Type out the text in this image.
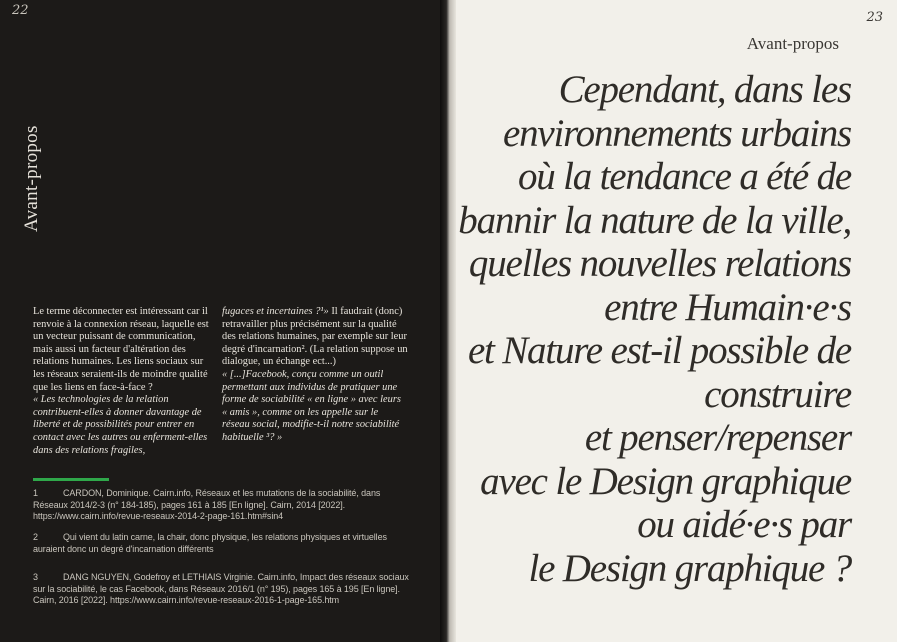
22
Avant-propos

Le terme déconnecter est intéressant car il renvoie à la connexion réseau, laquelle est un vecteur puissant de communication, mais aussi un facteur d'altération des relations humaines. Les liens sociaux sur les réseaux seraient-ils de moindre qualité que les liens en face-à-face ?
« Les technologies de la relation contribuent-elles à donner davantage de liberté et de possibilités pour entrer en contact avec les autres ou enferment-elles dans des relations fragiles,

fugaces et incertaines ?¹» Il faudrait (donc) retravailler plus précisément sur la qualité des relations humaines, par exemple sur leur degré d'incarnation². (La relation suppose un dialogue, un échange ect...)
« [...]Facebook, conçu comme un outil permettant aux individus de pratiquer une forme de sociabilité « en ligne » avec leurs « amis », comme on les appelle sur le réseau social, modifie-t-il notre sociabilité habituelle ³? »

1	CARDON, Dominique. Cairn.info, Réseaux et les mutations de la sociabilité, dans Réseaux 2014/2-3 (n° 184-185), pages 161 à 185 [En ligne]. Cairn, 2014 [2022]. https://www.cairn.info/revue-reseaux-2014-2-page-161.htm#sin4
2	Qui vient du latin carne, la chair, donc physique, les relations physiques et virtuelles auraient donc un degré d'incarnation différents
3	DANG NGUYEN, Godefroy et LETHIAIS Virginie. Cairn.info, Impact des réseaux sociaux sur la sociabilité, le cas Facebook, dans Réseaux 2016/1 (n° 195), pages 165 à 195 [En ligne]. Cairn, 2016 [2022]. https://www.cairn.info/revue-reseaux-2016-1-page-165.htm
23
Avant-propos
Cependant, dans les
environnements urbains
où la tendance a été de
bannir la nature de la ville,
quelles nouvelles relations
entre Humain·e·s
et Nature est-il possible de
construire
et penser/repenser
avec le Design graphique
ou aidé·e·s par
le Design graphique ?
